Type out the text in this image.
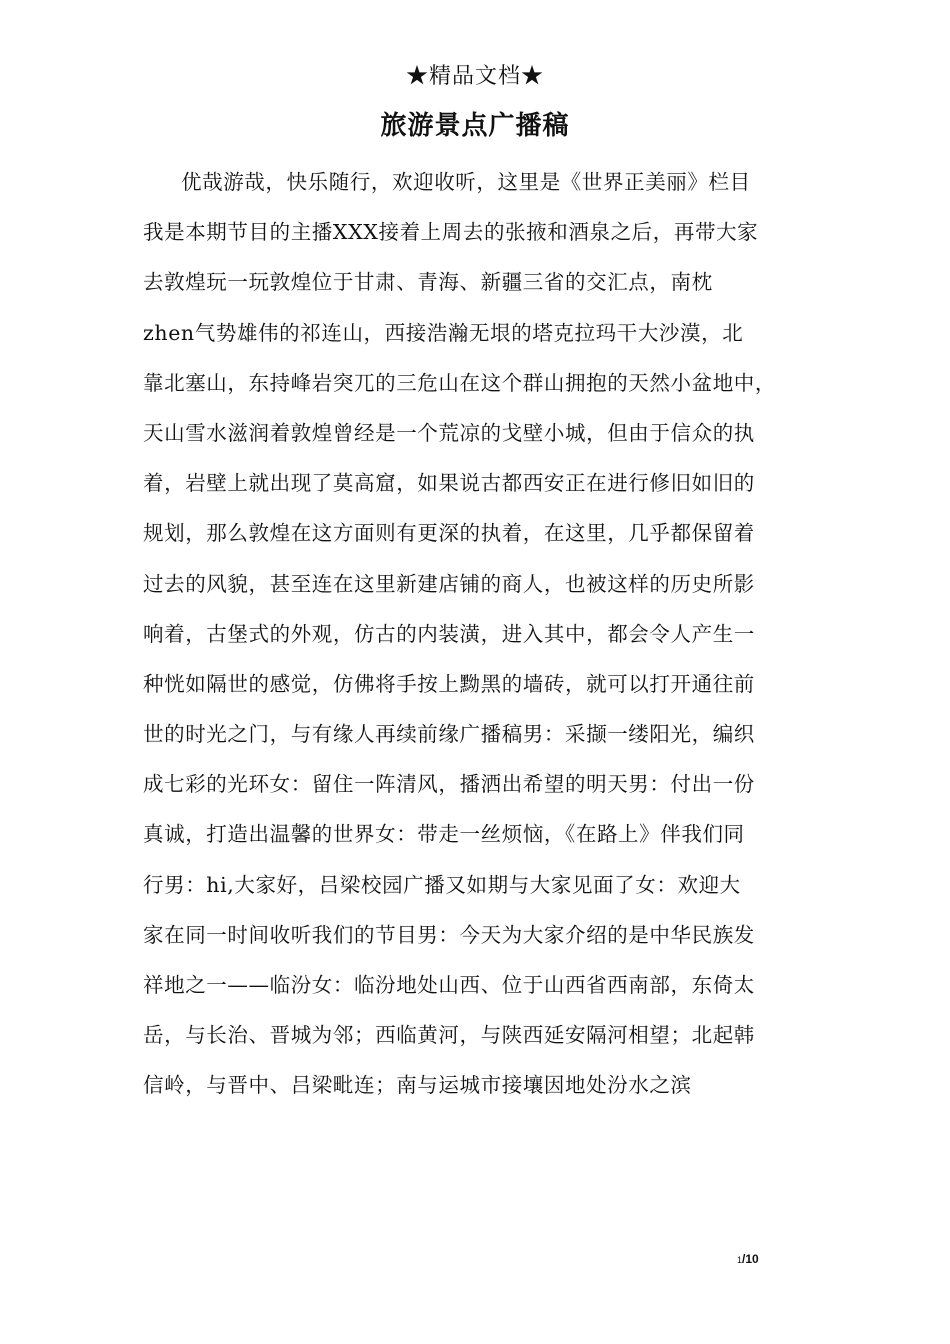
★精品文档★
旅游景点广播稿
优哉游哉，快乐随行，欢迎收听，这里是《世界正美丽》栏目
我是本期节目的主播XXX接着上周去的张掖和酒泉之后，再带大家
去敦煌玩一玩敦煌位于甘肃、青海、新疆三省的交汇点，南枕
zhen气势雄伟的祁连山，西接浩瀚无垠的塔克拉玛干大沙漠，北
靠北塞山，东持峰岩突兀的三危山在这个群山拥抱的天然小盆地中，
天山雪水滋润着敦煌曾经是一个荒凉的戈壁小城，但由于信众的执
着，岩壁上就出现了莫高窟，如果说古都西安正在进行修旧如旧的
规划，那么敦煌在这方面则有更深的执着，在这里，几乎都保留着
过去的风貌，甚至连在这里新建店铺的商人，也被这样的历史所影
响着，古堡式的外观，仿古的内装潢，进入其中，都会令人产生一
种恍如隔世的感觉，仿佛将手按上黝黑的墙砖，就可以打开通往前
世的时光之门，与有缘人再续前缘广播稿男：采撷一缕阳光，编织
成七彩的光环女：留住一阵清风，播洒出希望的明天男：付出一份
真诚，打造出温馨的世界女：带走一丝烦恼，《在路上》伴我们同
行男：hi,大家好，吕梁校园广播又如期与大家见面了女：欢迎大
家在同一时间收听我们的节目男：今天为大家介绍的是中华民族发
祥地之一——临汾女：临汾地处山西、位于山西省西南部，东倚太
岳，与长治、晋城为邻；西临黄河，与陕西延安隔河相望；北起韩
信岭，与晋中、吕梁毗连；南与运城市接壤因地处汾水之滨
1/10
